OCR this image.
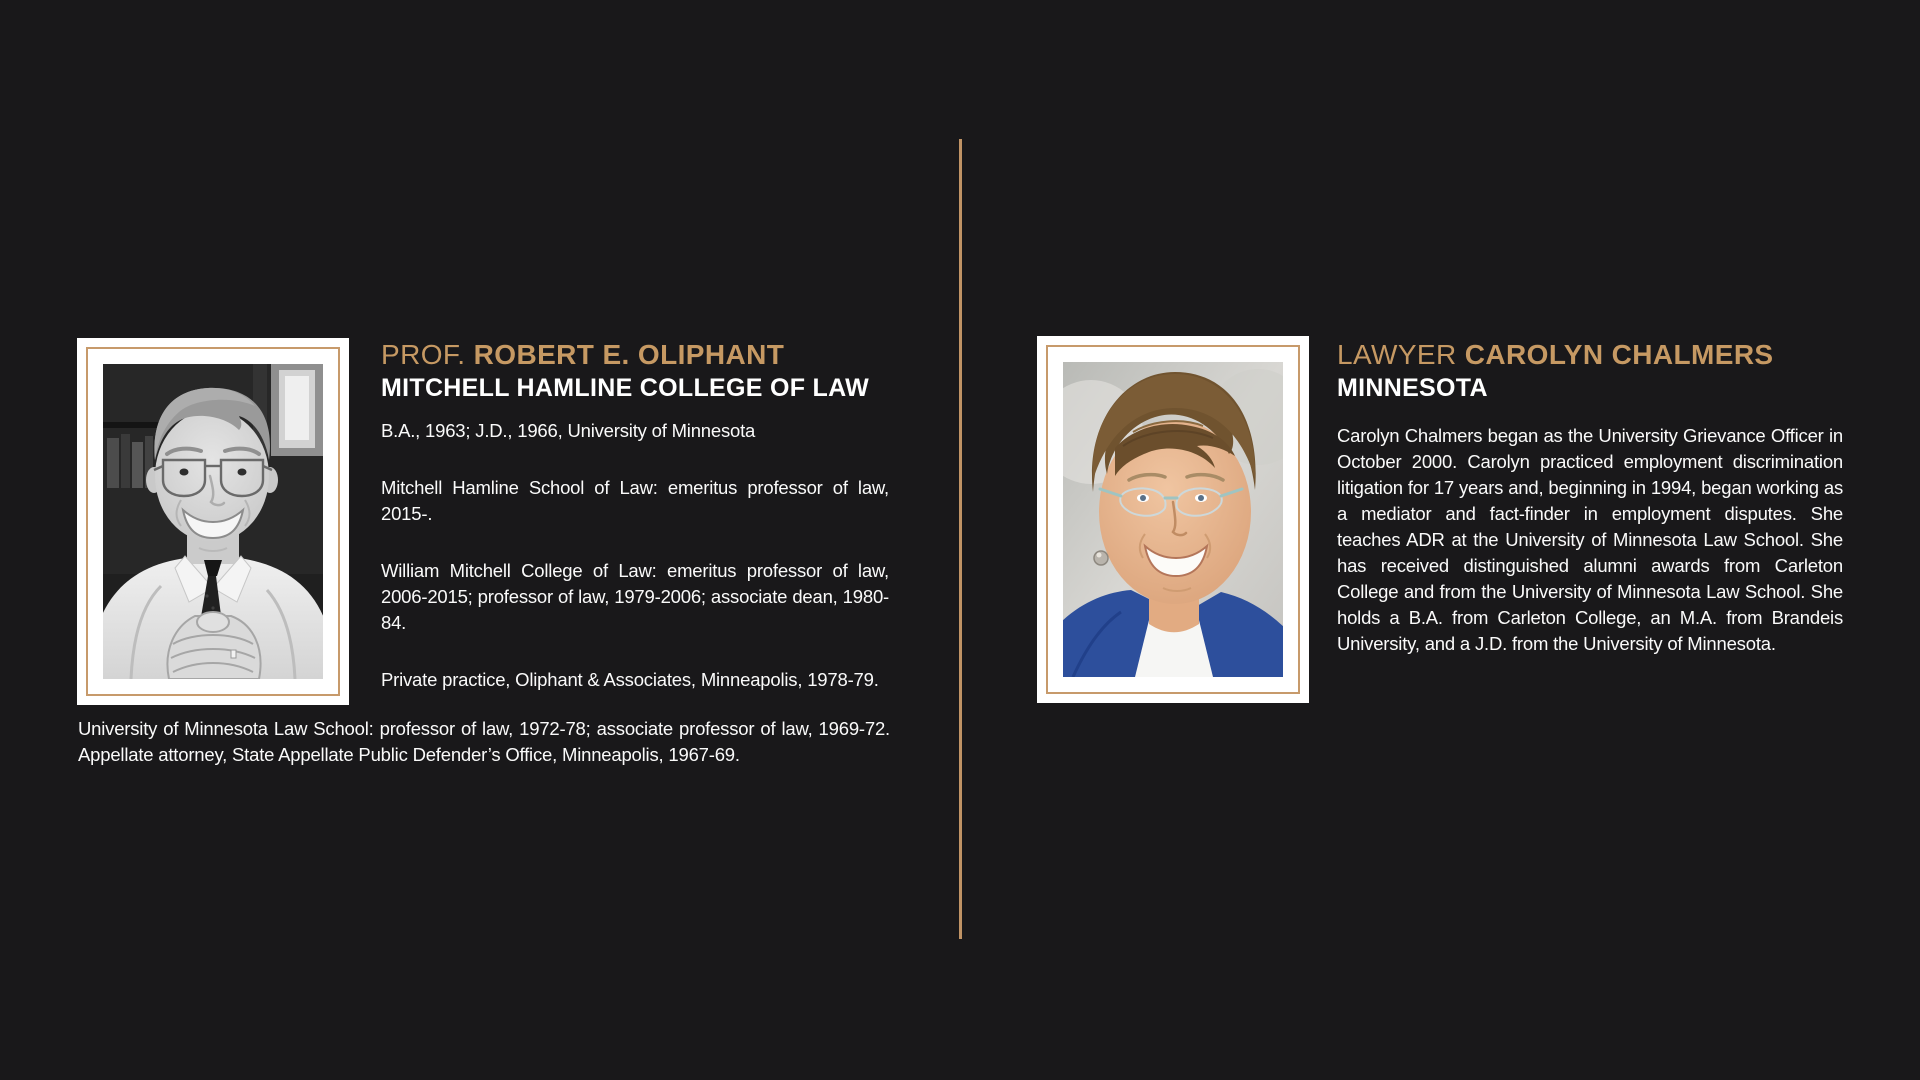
PROF. ROBERT E. OLIPHANT
MITCHELL HAMLINE COLLEGE OF LAW

B.A., 1963; J.D., 1966, University of Minnesota

Mitchell Hamline School of Law: emeritus professor of law, 2015-.

William Mitchell College of Law: emeritus professor of law, 2006-2015; professor of law, 1979-2006; associate dean, 1980-84.

Private practice, Oliphant & Associates, Minneapolis, 1978-79.

University of Minnesota Law School: professor of law, 1972-78; associate professor of law, 1969-72. Appellate attorney, State Appellate Public Defender’s Office, Minneapolis, 1967-69.

LAWYER CAROLYN CHALMERS
MINNESOTA

Carolyn Chalmers began as the University Grievance Officer in October 2000. Carolyn practiced employment discrimination litigation for 17 years and, beginning in 1994, began working as a mediator and fact-finder in employment disputes. She teaches ADR at the University of Minnesota Law School. She has received distinguished alumni awards from Carleton College and from the University of Minnesota Law School. She holds a B.A. from Carleton College, an M.A. from Brandeis University, and a J.D. from the University of Minnesota.
